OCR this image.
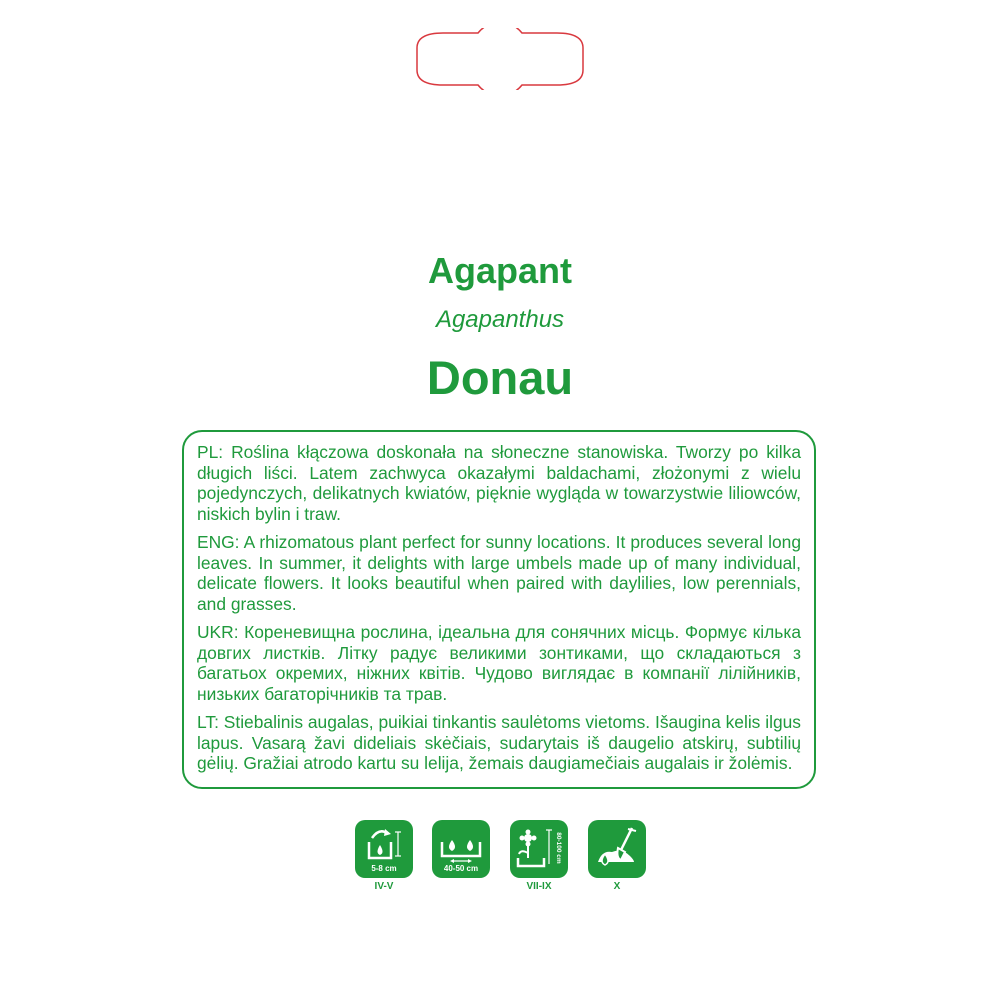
Agapant
Agapanthus
Donau

PL: Roślina kłączowa doskonała na słoneczne stanowiska. Tworzy po kilka długich liści. Latem zachwyca okazałymi baldachami, złożonymi z wielu pojedynczych, delikatnych kwiatów, pięknie wygląda w towarzystwie liliowców, niskich bylin i traw.

ENG: A rhizomatous plant perfect for sunny locations. It produces several long leaves. In summer, it delights with large umbels made up of many individual, delicate flowers. It looks beautiful when paired with daylilies, low perennials, and grasses.

UKR: Кореневищна рослина, ідеальна для сонячних місць. Формує кілька довгих листків. Літку радує великими зонтиками, що складаються з багатьох окремих, ніжних квітів. Чудово виглядає в компанії лілійників, низьких багаторічників та трав.

LT: Stiebalinis augalas, puikiai tinkantis saulėtoms vietoms. Išaugina kelis ilgus lapus. Vasarą žavi dideliais skėčiais, sudarytais iš daugelio atskirų, subtilių gėlių. Gražiai atrodo kartu su lelija, žemais daugiamečiais augalais ir žolėmis.

5-8 cm
IV-V
40-50 cm
80-100 cm
VII-IX	X
